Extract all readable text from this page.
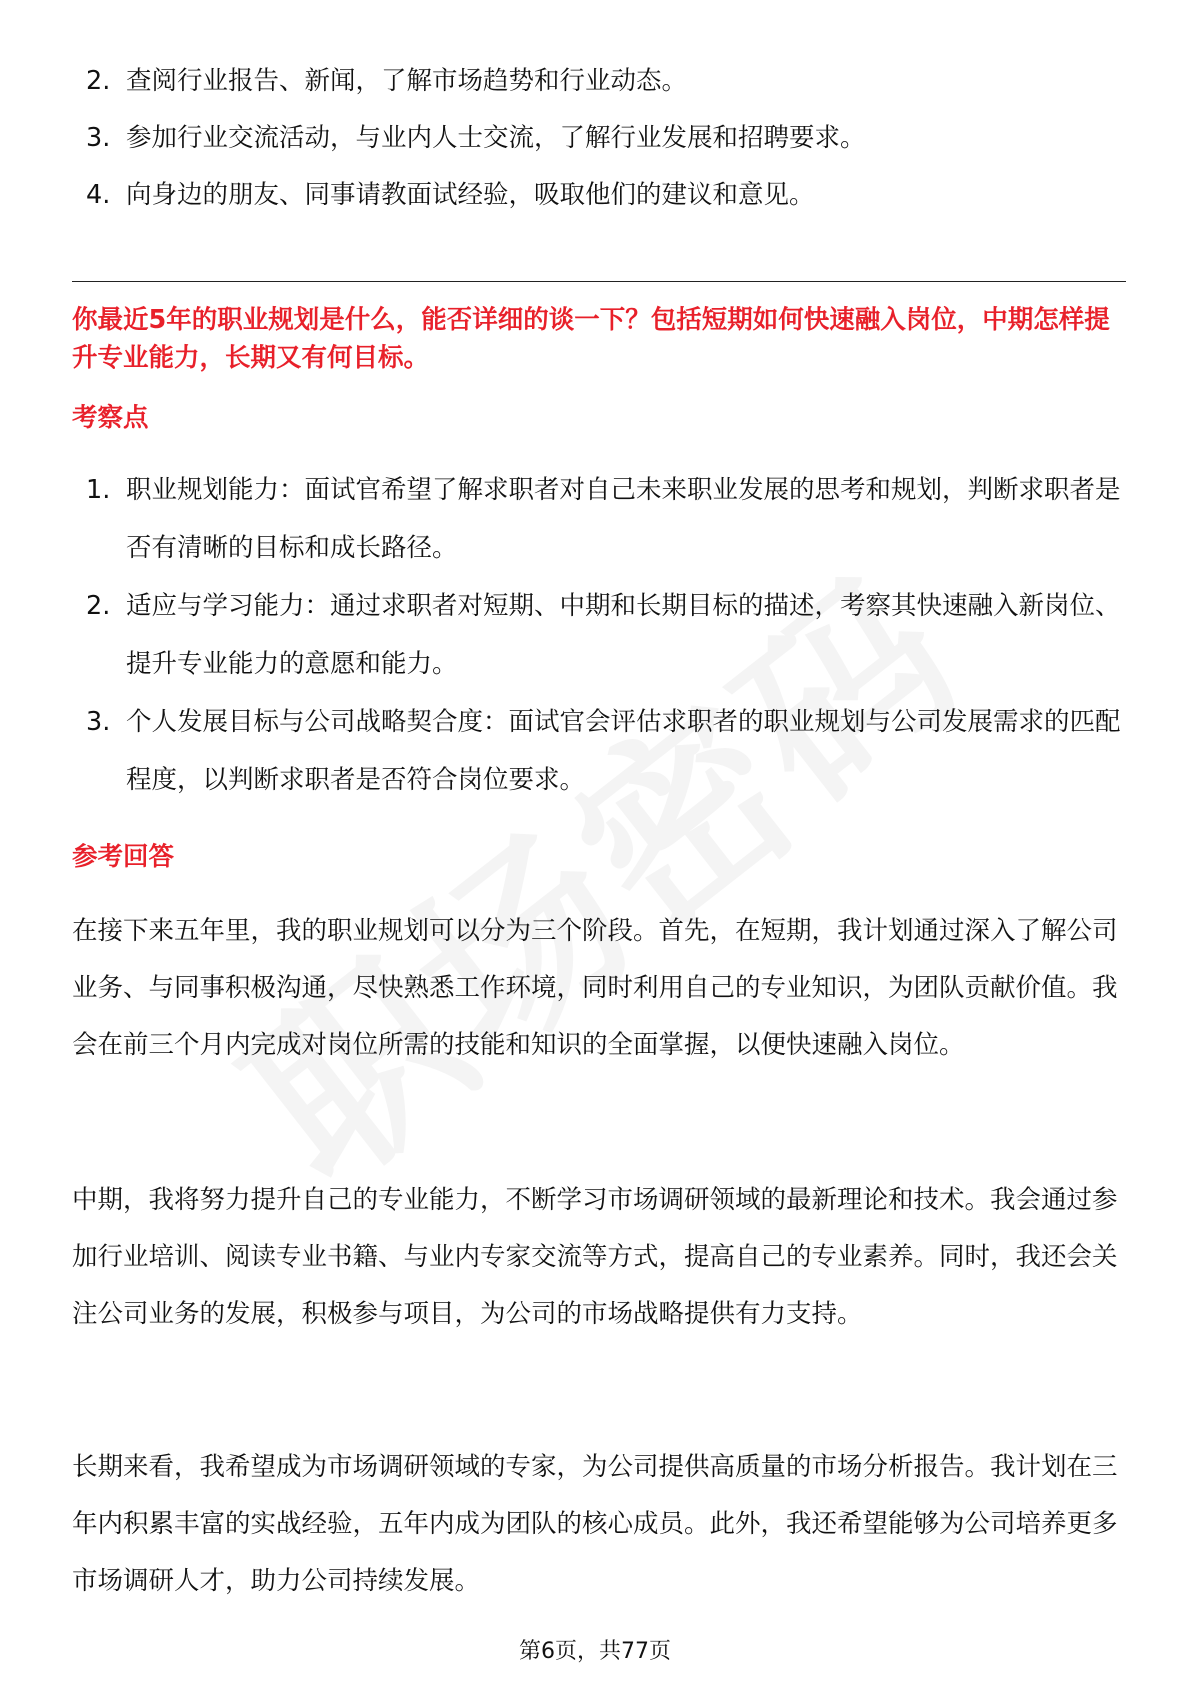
2. 查阅行业报告、新闻，了解市场趋势和行业动态。
3. 参加行业交流活动，与业内人士交流，了解行业发展和招聘要求。
4. 向身边的朋友、同事请教面试经验，吸取他们的建议和意见。
你最近5年的职业规划是什么，能否详细的谈一下？包括短期如何快速融入岗位，中期怎样提升专业能力，长期又有何目标。
考察点
1. 职业规划能力：面试官希望了解求职者对自己未来职业发展的思考和规划，判断求职者是否有清晰的目标和成长路径。
2. 适应与学习能力：通过求职者对短期、中期和长期目标的描述，考察其快速融入新岗位、提升专业能力的意愿和能力。
3. 个人发展目标与公司战略契合度：面试官会评估求职者的职业规划与公司发展需求的匹配程度，以判断求职者是否符合岗位要求。
参考回答

在接下来五年里，我的职业规划可以分为三个阶段。首先，在短期，我计划通过深入了解公司业务、与同事积极沟通，尽快熟悉工作环境，同时利用自己的专业知识，为团队贡献价值。我会在前三个月内完成对岗位所需的技能和知识的全面掌握，以便快速融入岗位。

中期，我将努力提升自己的专业能力，不断学习市场调研领域的最新理论和技术。我会通过参加行业培训、阅读专业书籍、与业内专家交流等方式，提高自己的专业素养。同时，我还会关注公司业务的发展，积极参与项目，为公司的市场战略提供有力支持。

长期来看，我希望成为市场调研领域的专家，为公司提供高质量的市场分析报告。我计划在三年内积累丰富的实战经验，五年内成为团队的核心成员。此外，我还希望能够为公司培养更多市场调研人才，助力公司持续发展。

第6页，共77页
